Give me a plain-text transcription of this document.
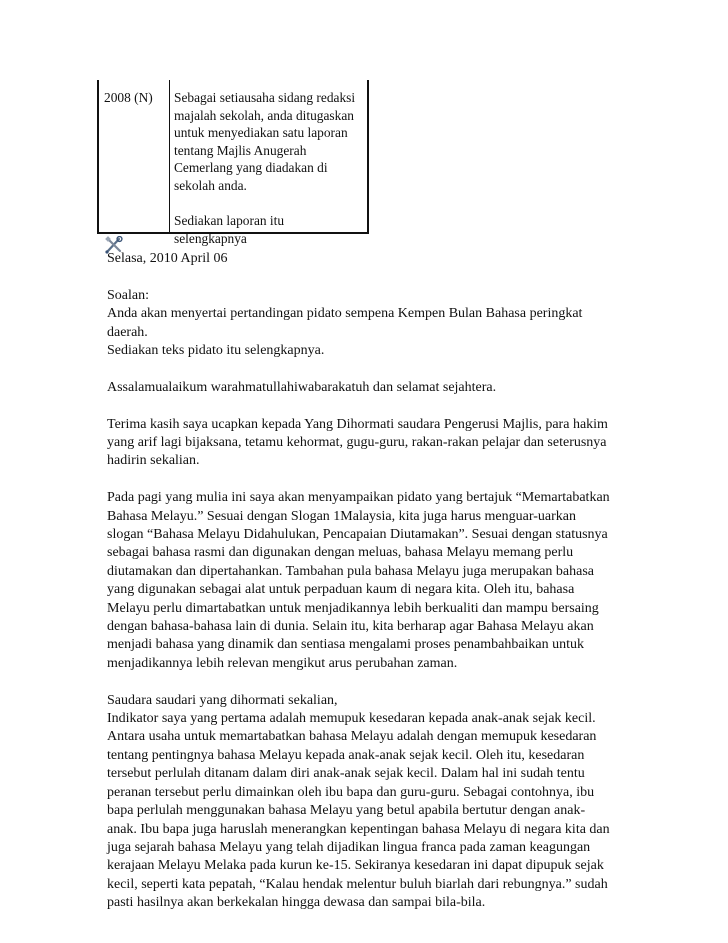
2008 (N) Sebagai setiausaha sidang redaksi

majalah sekolah, anda ditugaskan

untuk menyediakan satu laporan

tentang Majlis Anugerah

Cemerlang yang diadakan di

sekolah anda.

Sediakan laporan itu

selengkapnya

Selasa, 2010 April 06

Soalan:
Anda akan menyertai pertandingan pidato sempena Kempen Bulan Bahasa peringkat
daerah.
Sediakan teks pidato itu selengkapnya.

Assalamualaikum warahmatullahiwabarakatuh dan selamat sejahtera.

Terima kasih saya ucapkan kepada Yang Dihormati saudara Pengerusi Majlis, para hakim
yang arif lagi bijaksana, tetamu kehormat, gugu-guru, rakan-rakan pelajar dan seterusnya
hadirin sekalian.

Pada pagi yang mulia ini saya akan menyampaikan pidato yang bertajuk “Memartabatkan
Bahasa Melayu.” Sesuai dengan Slogan 1Malaysia, kita juga harus menguar-uarkan
slogan “Bahasa Melayu Didahulukan, Pencapaian Diutamakan”. Sesuai dengan statusnya
sebagai bahasa rasmi dan digunakan dengan meluas, bahasa Melayu memang perlu
diutamakan dan dipertahankan. Tambahan pula bahasa Melayu juga merupakan bahasa
yang digunakan sebagai alat untuk perpaduan kaum di negara kita. Oleh itu, bahasa
Melayu perlu dimartabatkan untuk menjadikannya lebih berkualiti dan mampu bersaing
dengan bahasa-bahasa lain di dunia. Selain itu, kita berharap agar Bahasa Melayu akan
menjadi bahasa yang dinamik dan sentiasa mengalami proses penambahbaikan untuk
menjadikannya lebih relevan mengikut arus perubahan zaman.

Saudara saudari yang dihormati sekalian,
Indikator saya yang pertama adalah memupuk kesedaran kepada anak-anak sejak kecil.
Antara usaha untuk memartabatkan bahasa Melayu adalah dengan memupuk kesedaran
tentang pentingnya bahasa Melayu kepada anak-anak sejak kecil. Oleh itu, kesedaran
tersebut perlulah ditanam dalam diri anak-anak sejak kecil. Dalam hal ini sudah tentu
peranan tersebut perlu dimainkan oleh ibu bapa dan guru-guru. Sebagai contohnya, ibu
bapa perlulah menggunakan bahasa Melayu yang betul apabila bertutur dengan anak-
anak. Ibu bapa juga haruslah menerangkan kepentingan bahasa Melayu di negara kita dan
juga sejarah bahasa Melayu yang telah dijadikan lingua franca pada zaman keagungan
kerajaan Melayu Melaka pada kurun ke-15. Sekiranya kesedaran ini dapat dipupuk sejak
kecil, seperti kata pepatah, “Kalau hendak melentur buluh biarlah dari rebungnya.” sudah
pasti hasilnya akan berkekalan hingga dewasa dan sampai bila-bila.
